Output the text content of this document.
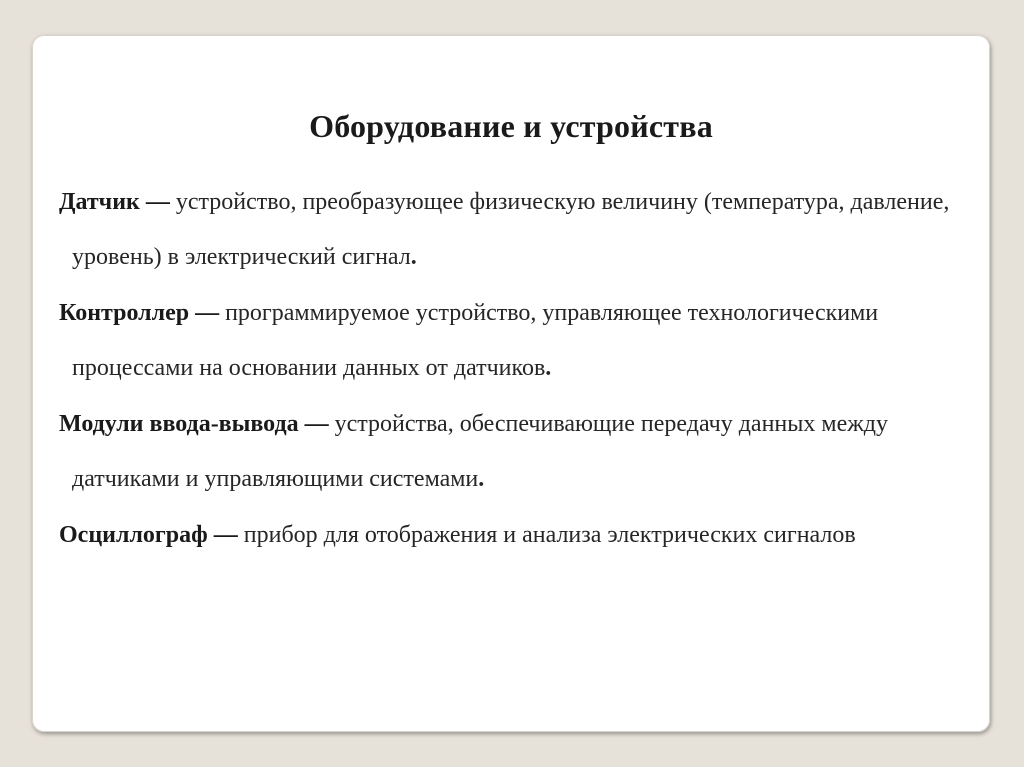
Оборудование и устройства

Датчик — устройство, преобразующее физическую величину (температура, давление, уровень) в электрический сигнал.

Контроллер — программируемое устройство, управляющее технологическими процессами на основании данных от датчиков.

Модули ввода-вывода — устройства, обеспечивающие передачу данных между датчиками и управляющими системами.

Осциллограф — прибор для отображения и анализа электрических сигналов
